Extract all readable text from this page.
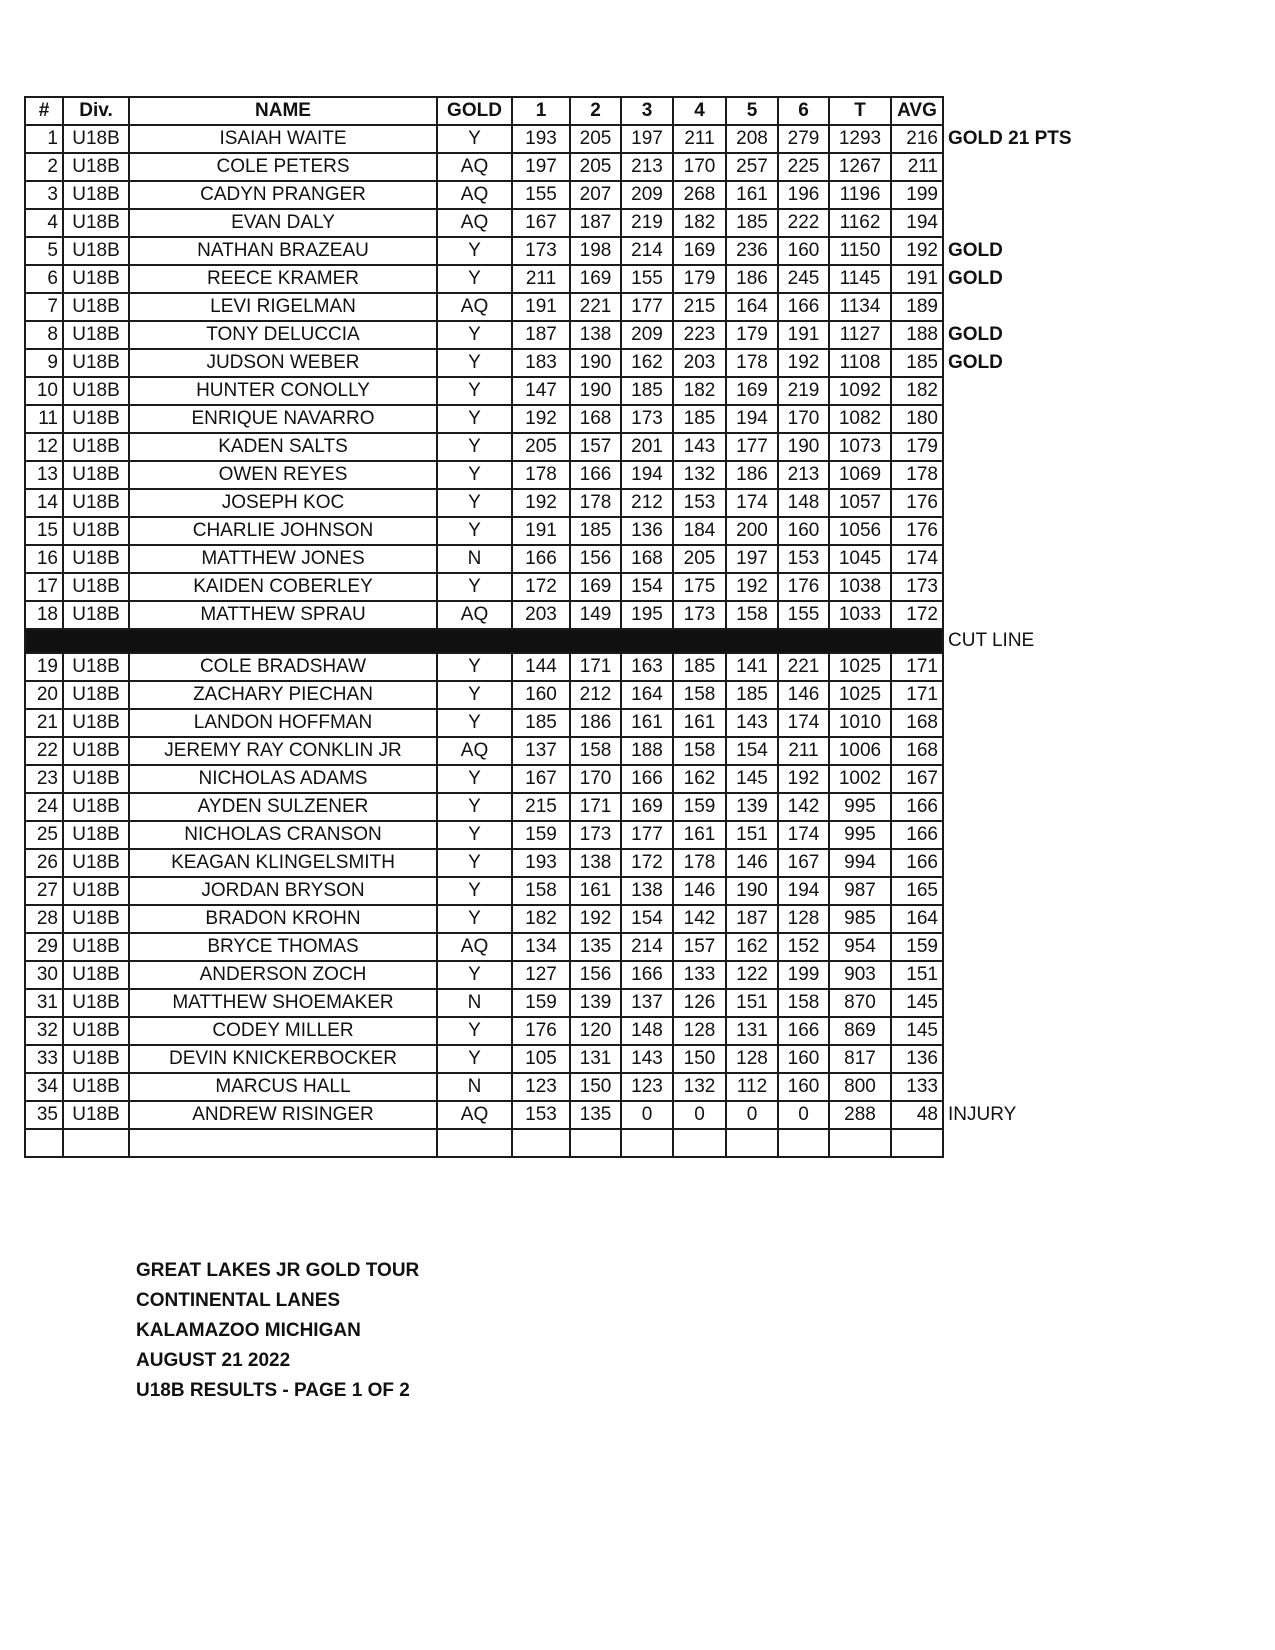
#	Div.	NAME	GOLD	1	2	3	4	5	6	T	AVG	
1	U18B	ISAIAH WAITE	Y	193	205	197	211	208	279	1293	216	GOLD 21 PTS
2	U18B	COLE PETERS	AQ	197	205	213	170	257	225	1267	211	
3	U18B	CADYN PRANGER	AQ	155	207	209	268	161	196	1196	199	
4	U18B	EVAN DALY	AQ	167	187	219	182	185	222	1162	194	
5	U18B	NATHAN BRAZEAU	Y	173	198	214	169	236	160	1150	192	GOLD
6	U18B	REECE KRAMER	Y	211	169	155	179	186	245	1145	191	GOLD
7	U18B	LEVI RIGELMAN	AQ	191	221	177	215	164	166	1134	189	
8	U18B	TONY DELUCCIA	Y	187	138	209	223	179	191	1127	188	GOLD
9	U18B	JUDSON WEBER	Y	183	190	162	203	178	192	1108	185	GOLD
10	U18B	HUNTER CONOLLY	Y	147	190	185	182	169	219	1092	182	
11	U18B	ENRIQUE NAVARRO	Y	192	168	173	185	194	170	1082	180	
12	U18B	KADEN SALTS	Y	205	157	201	143	177	190	1073	179	
13	U18B	OWEN REYES	Y	178	166	194	132	186	213	1069	178	
14	U18B	JOSEPH KOC	Y	192	178	212	153	174	148	1057	176	
15	U18B	CHARLIE JOHNSON	Y	191	185	136	184	200	160	1056	176	
16	U18B	MATTHEW JONES	N	166	156	168	205	197	153	1045	174	
17	U18B	KAIDEN COBERLEY	Y	172	169	154	175	192	176	1038	173	
18	U18B	MATTHEW SPRAU	AQ	203	149	195	173	158	155	1033	172	
												CUT LINE
19	U18B	COLE BRADSHAW	Y	144	171	163	185	141	221	1025	171	
20	U18B	ZACHARY PIECHAN	Y	160	212	164	158	185	146	1025	171	
21	U18B	LANDON HOFFMAN	Y	185	186	161	161	143	174	1010	168	
22	U18B	JEREMY RAY CONKLIN JR	AQ	137	158	188	158	154	211	1006	168	
23	U18B	NICHOLAS ADAMS	Y	167	170	166	162	145	192	1002	167	
24	U18B	AYDEN SULZENER	Y	215	171	169	159	139	142	995	166	
25	U18B	NICHOLAS CRANSON	Y	159	173	177	161	151	174	995	166	
26	U18B	KEAGAN KLINGELSMITH	Y	193	138	172	178	146	167	994	166	
27	U18B	JORDAN BRYSON	Y	158	161	138	146	190	194	987	165	
28	U18B	BRADON KROHN	Y	182	192	154	142	187	128	985	164	
29	U18B	BRYCE THOMAS	AQ	134	135	214	157	162	152	954	159	
30	U18B	ANDERSON ZOCH	Y	127	156	166	133	122	199	903	151	
31	U18B	MATTHEW SHOEMAKER	N	159	139	137	126	151	158	870	145	
32	U18B	CODEY MILLER	Y	176	120	148	128	131	166	869	145	
33	U18B	DEVIN KNICKERBOCKER	Y	105	131	143	150	128	160	817	136	
34	U18B	MARCUS HALL	N	123	150	123	132	112	160	800	133	
35	U18B	ANDREW RISINGER	AQ	153	135	0	0	0	0	288	48	INJURY

GREAT LAKES JR GOLD TOUR
CONTINENTAL LANES
KALAMAZOO MICHIGAN
AUGUST 21 2022
U18B RESULTS - PAGE 1 OF 2
